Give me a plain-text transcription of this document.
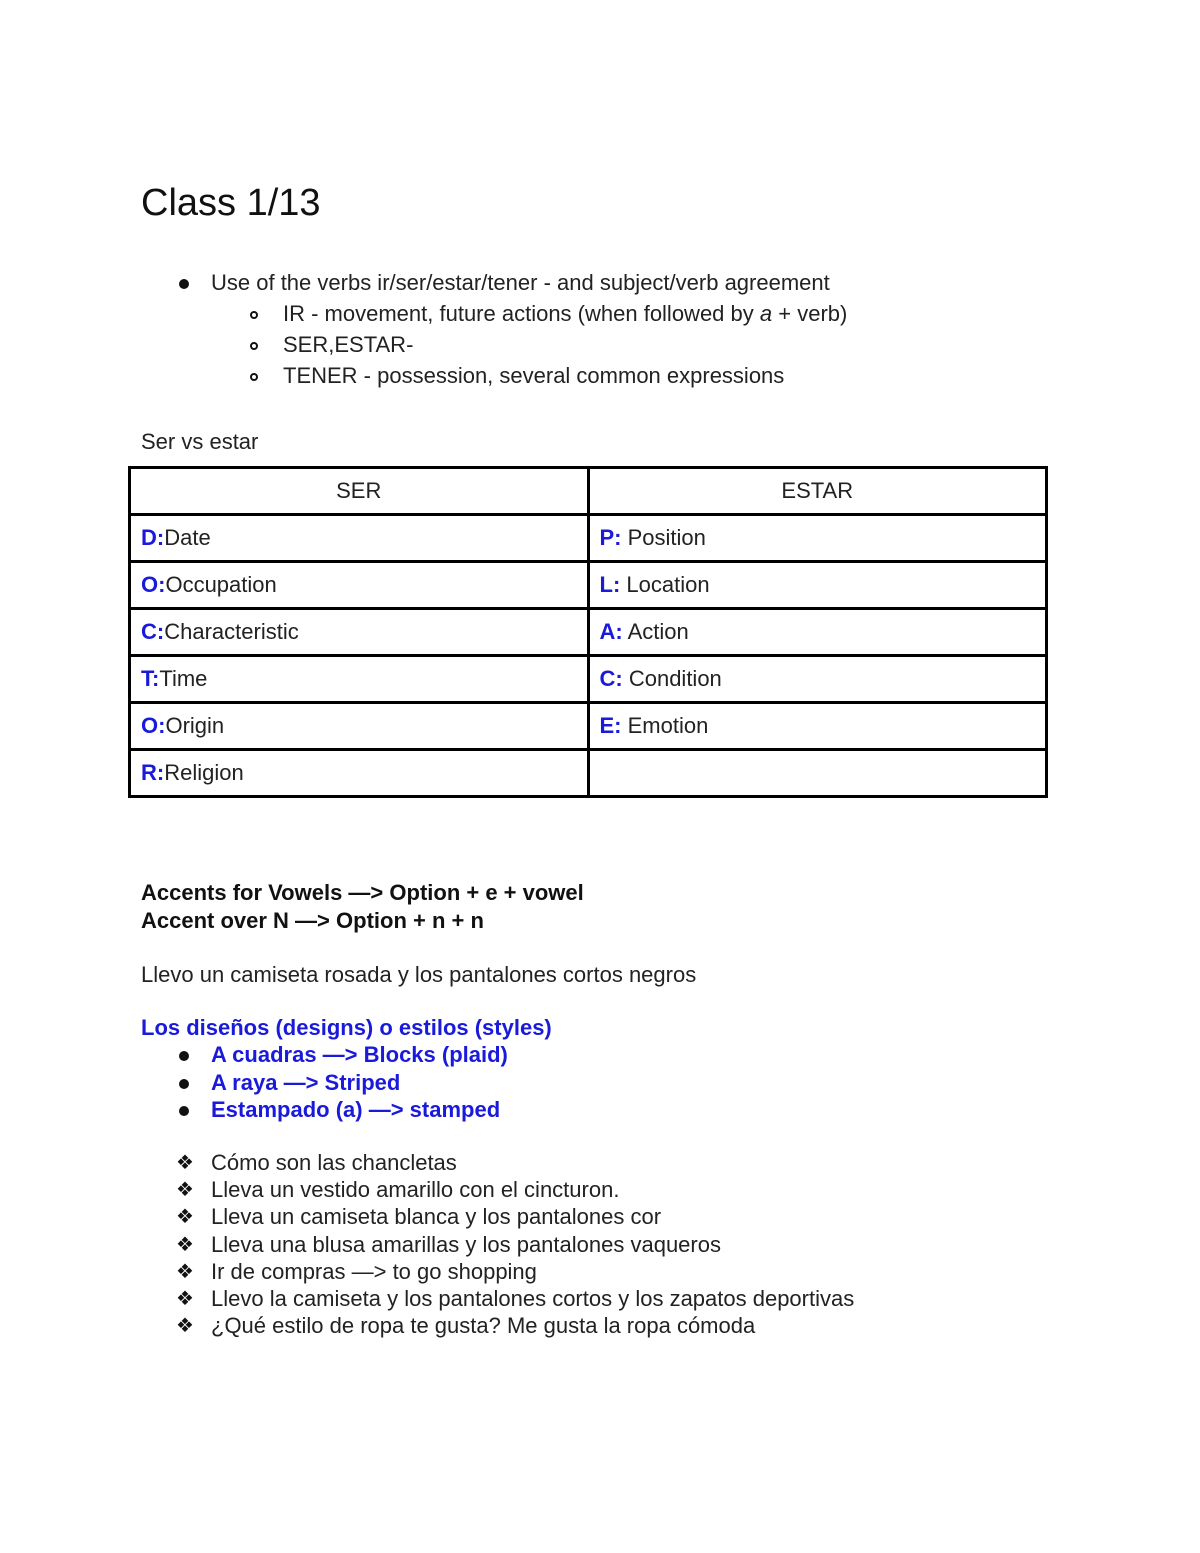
Class 1/13
Use of the verbs ir/ser/estar/tener - and subject/verb agreement
IR - movement, future actions (when followed by a + verb)
SER,ESTAR-
TENER - possession, several common expressions
Ser vs estar
SER	ESTAR
D:Date	P: Position
O:Occupation	L: Location
C:Characteristic	A: Action
T:Time	C: Condition
O:Origin	E: Emotion
R:Religion	
Accents for Vowels —> Option + e + vowel
Accent over N —> Option + n + n
Llevo un camiseta rosada y los pantalones cortos negros
Los diseños (designs) o estilos (styles)
A cuadras —> Blocks (plaid)
A raya —> Striped
Estampado (a) —> stamped
❖ Cómo son las chancletas
❖ Lleva un vestido amarillo con el cincturon.
❖ Lleva un camiseta blanca y los pantalones cor
❖ Lleva una blusa amarillas y los pantalones vaqueros
❖ Ir de compras —> to go shopping
❖ Llevo la camiseta y los pantalones cortos y los zapatos deportivas
❖ ¿Qué estilo de ropa te gusta? Me gusta la ropa cómoda
